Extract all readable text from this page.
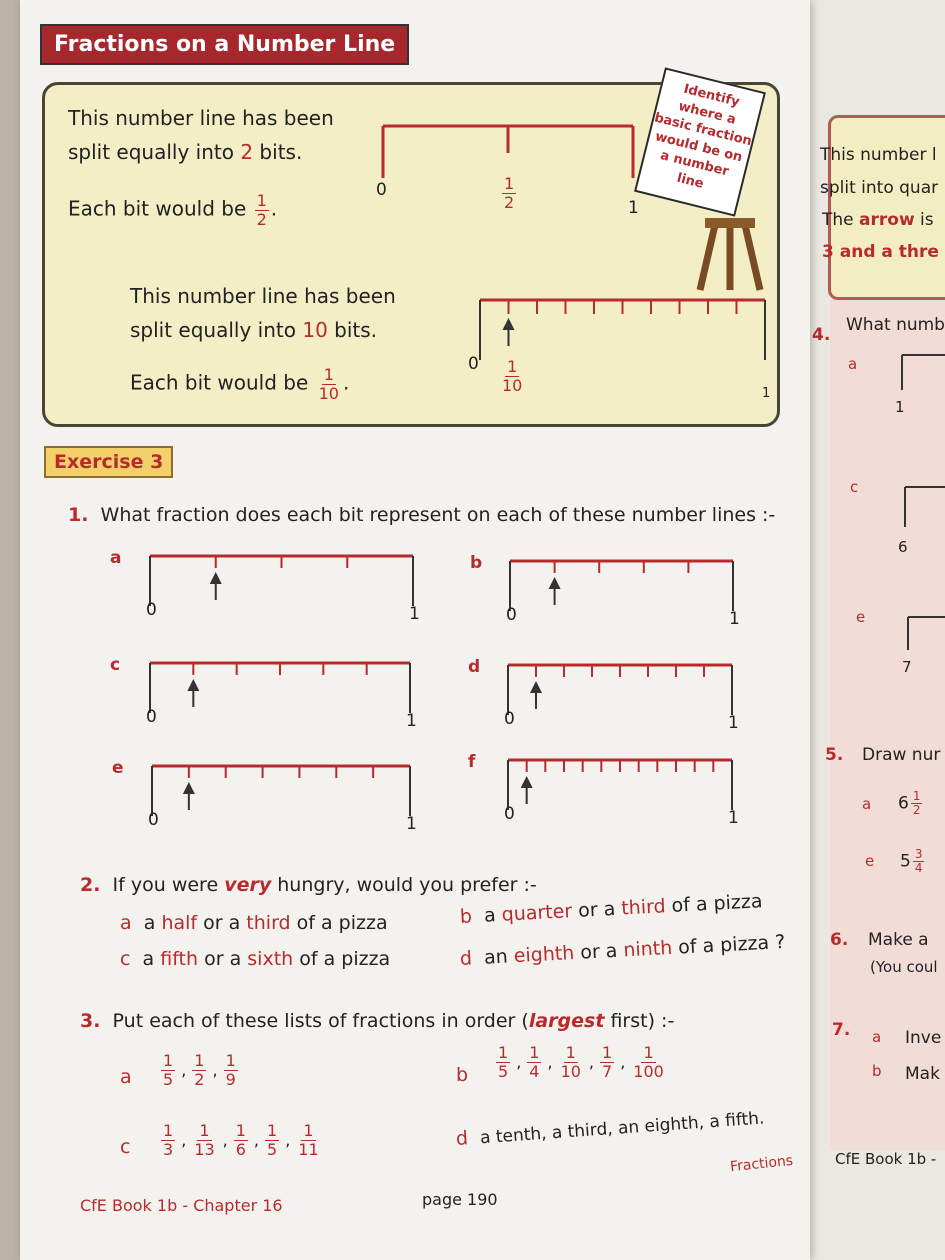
This number l
split into quar
The arrow is
3 and a thre
4. What numb
a
1
c
6
e
7
5. Draw nur
a $6 \frac{1}{2}$
e $5 \frac{3}{4}$
6. Make a
(You coul
7. a Inve
b Mak
CfE Book 1b -
Fractions on a Number Line
This number line has been
split equally into 2 bits.
Each bit would be $\frac{1}{2}$ .
0	$\frac{1}{2}$	1
This number line has been
split equally into 10 bits.
Each bit would be $\frac{1}{10}$ .
$0 \frac{1}{10}$	1
Identify where a basic fraction would be on a number line
Exercise 3
1. What fraction does each bit represent on each of these number lines :-
a
0	1
b
0	1
c
0	1
d
0	1
e
0	1
f
0	1
2. If you were very hungry, would you prefer :-
a a half or a third of a pizza	b a quarter or a third of a pizza
c a fifth or a sixth of a pizza	d an eighth or a ninth of a pizza ?
3. Put each of these lists of fractions in order (largest first) :-
a $\frac{1}{5}$ , $\frac{1}{2}$ , $\frac{1}{9}$	b $\frac{1}{5}$ , $\frac{1}{4}$ , $\frac{1}{10}$ , $\frac{1}{7}$ , $\frac{1}{100}$
c $\frac{1}{3}$ , $\frac{1}{13}$ , $\frac{1}{6}$ , $\frac{1}{5}$ , $\frac{1}{11}$	d a tenth, a third, an eighth, a fifth.
CfE Book 1b - Chapter 16	page 190
Fractions
